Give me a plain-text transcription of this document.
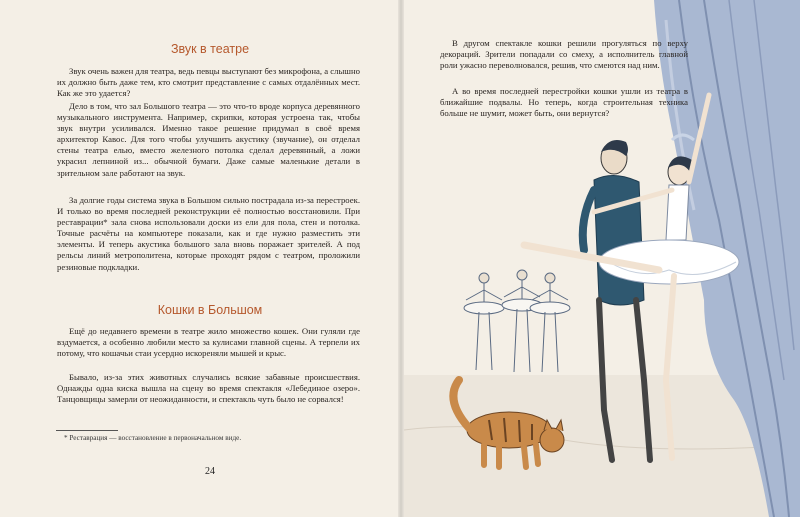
Звук в театре

Звук очень важен для театра, ведь певцы выступают без микрофона, а слышно их должно быть даже тем, кто смотрит представление с самых отдалённых мест. Как же это удается?

Дело в том, что зал Большого театра — это что-то вроде корпуса деревянного музыкального инструмента. Например, скрипки, которая устроена так, чтобы звук внутри усиливался. Именно такое решение придумал в своё время архитектор Кавос. Для того чтобы улучшить акустику (звучание), он отделал стены театра елью, вместо железного потолка сделал деревянный, а ложи украсил лепниной из... обычной бумаги. Даже самые маленькие детали в зрительном зале работают на звук.

За долгие годы система звука в Большом сильно пострадала из-за перестроек. И только во время последней реконструкции её полностью восстановили. При реставрации* зала снова использовали доски из ели для пола, стен и потолка. Точные расчёты на компьютере показали, как и где нужно разместить эти элементы. И теперь акустика большого зала вновь поражает зрителей. А под рельсы линий метрополитена, которые проходят рядом с театром, проложили резиновые подкладки.

Кошки в Большом

Ещё до недавнего времени в театре жило множество кошек. Они гуляли где вздумается, а особенно любили место за кулисами главной сцены. А терпели их потому, что кошачьи стаи усердно искореняли мышей и крыс.

Бывало, из-за этих животных случались всякие забавные происшествия. Однажды одна киска вышла на сцену во время спектакля «Лебединое озеро». Танцовщицы замерли от неожиданности, и спектакль чуть было не сорвался!

* Реставрация — восстановление в первоначальном виде.
24

В другом спектакле кошки решили прогуляться по верху декораций. Зрители попадали со смеху, а исполнитель главной роли ужасно переволновался, решив, что смеются над ним.

А во время последней перестройки кошки ушли из театра в ближайшие подвалы. Но теперь, когда строительная техника больше не шумит, может быть, они вернутся?
